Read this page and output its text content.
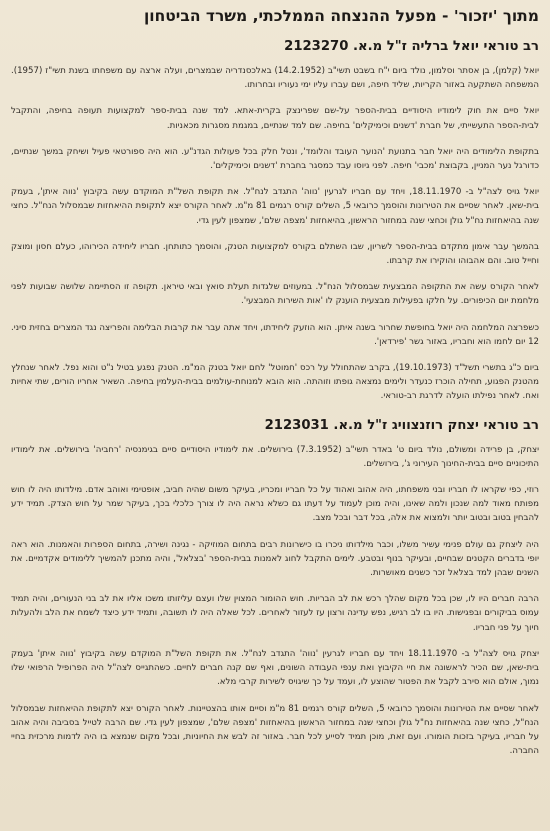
מתוך 'יזכור' - מפעל ההנצחה הממלכתי, משרד הביטחון
רב טוראי יואל ברליה ז"ל מ.א. 2123270

יואל (קלמן), בן אסתר וסלמון, נולד ביום י"ח בשבט תשי"ב (14.2.1952) באלכסנדריה שבמצרים, ועלה ארצה עם משפחתו בשנת תשי"ז (1957). המשפחה השתקעה באזור הקריות, שליד חיפה, ושם עברו עליו ימי נעוריו ובחרותו.

יואל סיים את חוק לימודיו היסודיים בבית-הספר על-שם שפרינצק בקרית-אתא. למד שנה בבית-ספר למקצועות תעופה בחיפה, והתקבל לבית-הספר התעשייתי, של חברת 'דשנים וכימיקלים' בחיפה. שם למד שנתיים, במגמת מסגרות מכאניות.

בתקופת הלימודים היה יואל חבר בתנועת 'הנוער העובד והלומד', ונטל חלק בכל פעולות הגדנ"ע. הוא היה ספורטאי פעיל ושיחק במשך שנתיים, כדורגל נער המניין, בקבוצת 'מכבי' חיפה. לפני גיוסו עבד כמסגר בחברת 'דשנים וכימיקלים'.

יואל גויס לצה"ל ב- 18.11.1970, ויחד עם חבריו לגרעין 'נווה' התגדב לנח"ל. את תקופת השל"ת המוקדם עשה בקיבוץ 'נווה איתן', בעמק בית-שאן. לאחר שסיים את הטירונות והוסמך כרובאי 5, השלים קורס רגמים 81 מ"מ. לאחר הקורס יצא לתקופת ההיאחזות שבמסלול הנח"ל. כחצי שנה בהיאחזות נח"ל גולן וכחצי שנה במחזור הראשון, בהיאחזות 'מצפה שלם', שמצפון לעין גדי.

בהמשך עבר אימון מתקדם בבית-הספר לשריון, שבו השתלם בקורס למקצועות הטנק, והוסמך כתותחן. חבריו ליחידה הכירוהו, כעלם חסון ומוצק וחייל טוב. והם אהבוהו והוקירו את קרבתו.

לאחר הקורס עשה את התקופה המבצעית שבמסלול הנח"ל. במעוזים שלגדות תעלת סואץ ובאי טיראן. תקופה זו הסתיימה שלושה שבועות לפני מלחמת יום הכיפורים. על חלקו בפעילות מבצעית הוענק לו 'אות השירות המבצעי'.

כשפרצה המלחמה היה יואל בחופשת שחרור בשנה איתן. הוא הוזעק ליחידתו, ויחד אתה עבר את קרבות הבלימה והפריצה נגד המצרים בחזית סיני. 12 יום לחמו הוא וחבריו, באזור גשר 'פירדאן'.

ביום כ"ג בתשרי תשל"ד (19.10.1973), בקרב שהתחולל על רכס 'חמוטל' לחם יואל בטנק המ"מ. הטנק נפגע בטיל נ"ט והוא נפל. לאחר שנחלץ מהטנק הפגוע, תחילה הוכרז כנעדר ולימים נמצאה גופתו וזוהתה. הוא הובא למנוחת-עולמים בבית-העלמין בחיפה. השאיר אחריו הורים, שתי אחיות ואח. לאחר נפילתו הועלה לדרגת רב-טוראי.

רב טוראי יצחק רוזנצוויג ז"ל מ.א. 2123031

יצחק, בן פרידה ומשולם, נולד ביום ט' באדר תשי"ב (7.3.1952) בירושלים. את לימודיו היסודיים סיים בגימנסיה 'רחביה' בירושלים. את לימודיו התיכוניים סיים בבית-החינוך העירוני ג', בירושלים.

רוזי, כפי שקראו לו חבריו ובני משפחתו, היה אהוב ואהוד על כל חבריו ומכריו, בעיקר משום שהיה חביב, אופטימי ואוהב אדם. מילדותו היה לו חוש מפותח מאוד למה שנכון ולמה שאינו, והיה מוכן לעמוד על דעתו גם כשלא נראה היה לו צורך כלכלי בכך, בעיקר שמר על חוש הצדק. תמיד ידע להבחין בטוב ובטוב יותר ולמצוא את אלה, בכל דבר ובכל מצב.

היה ליצחק גם עולם פנימי עשיר משלו, וכבר מילדותו ניכרו בו כישרונות רבים בתחום המוזיקה - נגינה ושירה, בתחום הספרות והאמנות. הוא ראה יופי בדברים הקטנים שבחיים, ובעיקר בנוף ובטבע. לימים התקבל לחוג לאמנות בבית-הספר 'בצלאל', והיה מתכנן להמשיך ללימודים אקדמיים. את השנים שבהן למד בצלאל זכר כשנים מאושרות.

הרבה חברים היו לו, שכן בכל מקום שהלך רכש את לב הבריות. חוש ההומור המצוין שלו ועצם עליזותו משכו אליו את לב בני הנעורים, והיה תמיד עמוס בביקורים ובפגישות. היו בו לב רגיש, נפש עדינה ורצון עז לעזור לאחרים. לכל שאלה היה לו תשובה, ותמיד ידע כיצד לשמח את הלב ולהעלות חיוך על פני חבריו.

יצחק גויס לצה"ל ב- 18.11.1970 ויחד עם חבריו לגרעין 'נווה' התגדב לנח"ל. את תקופת השל"ת המוקדם עשה בקיבוץ 'נווה איתן' בעמק בית-שאן, שם הכיר לראשונה את חיי הקיבוץ ואת ענפי העבודה השונים, ואף שם קנה חברים לחיים. כשהתגייס לצה"ל היה הפרופיל הרפואי שלו נמוך, אולם הוא סירב לקבל את הפטור שהוצע לו, ועמד על כך שיגויס לשירות קרבי מלא.

לאחר שסיים את הטירונות והוסמך כרובאי 5, השלים קורס רגמים 81 מ"מ וסיים אותו בהצטיינות. לאחר הקורס יצא לתקופת ההיאחזות שבמסלול הנח"ל, כחצי שנה בהיאחזות נח"ל גולן וכחצי שנה במחזור הראשון בהיאחזות 'מצפה שלם', שמצפון לעין גדי. שם הרבה לטייל בסביבה והיה אהוב על חבריו, בעיקר בזכות הומורו. ועם זאת, מוכן תמיד לסייע לכל חבר. באזור זה לבש את החיוניות, ובכל מקום שנמצא בו היה לדמות מרכזית בחיי החברה.
